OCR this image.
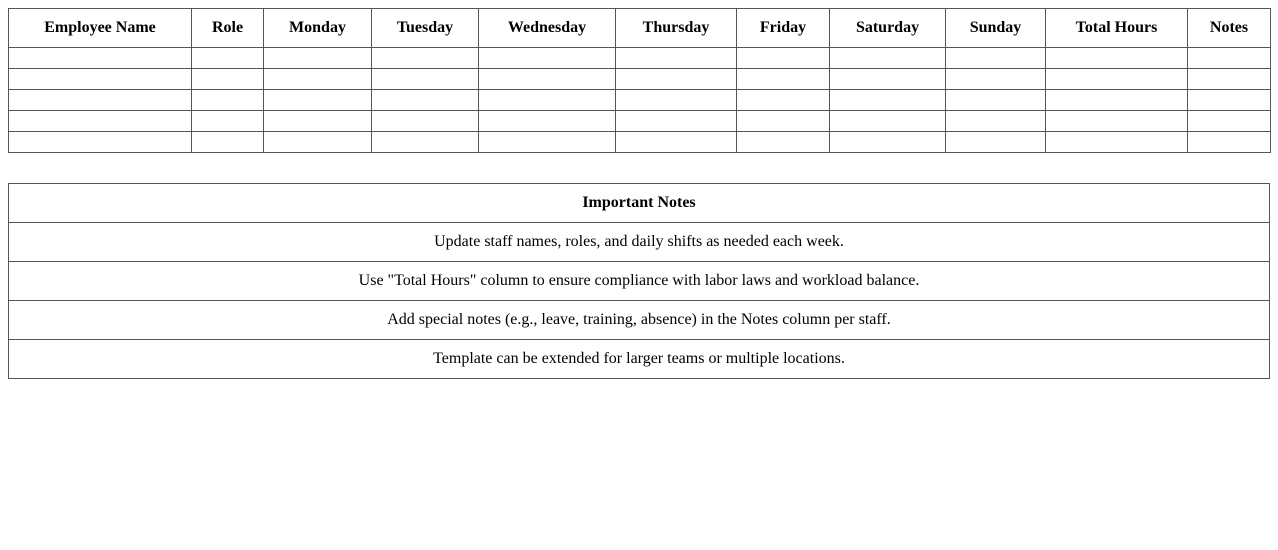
Employee Name	Role	Monday	Tuesday	Wednesday	Thursday	Friday	Saturday	Sunday	Total Hours	Notes

Important Notes
Update staff names, roles, and daily shifts as needed each week.
Use "Total Hours" column to ensure compliance with labor laws and workload balance.
Add special notes (e.g., leave, training, absence) in the Notes column per staff.
Template can be extended for larger teams or multiple locations.
